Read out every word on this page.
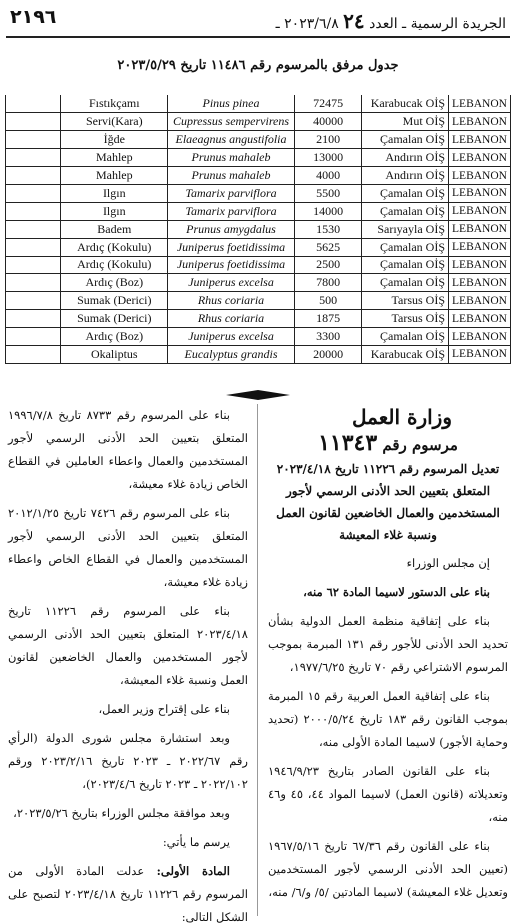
٢١٩٦	الجريدة الرسمية ـ العدد ٢٤ ٢٠٢٣/٦/٨ ـ
جدول مرفق بالمرسوم رقم ١١٤٨٦ تاريخ ٢٠٢٣/٥/٢٩
	Fıstıkçamı	Pinus pinea	72475	Karabucak OİŞ	LEBANON
	Servi(Kara)	Cupressus sempervirens	40000	Mut OİŞ	LEBANON
	İğde	Elaeagnus angustifolia	2100	Çamalan OİŞ	LEBANON
	Mahlep	Prunus mahaleb	13000	Andırın OİŞ	LEBANON
	Mahlep	Prunus mahaleb	4000	Andırın OİŞ	LEBANON
	Ilgın	Tamarix parviflora	5500	Çamalan OİŞ	LEBANON
	Ilgın	Tamarix parviflora	14000	Çamalan OİŞ	LEBANON
	Badem	Prunus amygdalus	1530	Sarıyayla OİŞ	LEBANON
	Ardıç (Kokulu)	Juniperus foetidissima	5625	Çamalan OİŞ	LEBANON
	Ardıç (Kokulu)	Juniperus foetidissima	2500	Çamalan OİŞ	LEBANON
	Ardıç (Boz)	Juniperus excelsa	7800	Çamalan OİŞ	LEBANON
	Sumak (Derici)	Rhus coriaria	500	Tarsus OİŞ	LEBANON
	Sumak (Derici)	Rhus coriaria	1875	Tarsus OİŞ	LEBANON
	Ardıç (Boz)	Juniperus excelsa	3300	Çamalan OİŞ	LEBANON
	Okaliptus	Eucalyptus grandis	20000	Karabucak OİŞ	LEBANON
وزارة العمل
مرسوم رقم ١١٣٤٣
تعديل المرسوم رقم ١١٢٢٦ تاريخ ٢٠٢٣/٤/١٨ المتعلق بتعيين الحد الأدنى الرسمي لأجور المستخدمين والعمال الخاضعين لقانون العمل ونسبة غلاء المعيشة
إن مجلس الوزراء
بناء على الدستور لاسيما المادة ٦٢ منه،
بناء على إتفاقية منظمة العمل الدولية بشأن تحديد الحد الأدنى للأجور رقم ١٣١ المبرمة بموجب المرسوم الاشتراعي رقم ٧٠ تاريخ ١٩٧٧/٦/٢٥،
بناء على إتفاقية العمل العربية رقم ١٥ المبرمة بموجب القانون رقم ١٨٣ تاريخ ٢٠٠٠/٥/٢٤ (تحديد وحماية الأجور) لاسيما المادة الأولى منه،
بناء على القانون الصادر بتاريخ ١٩٤٦/٩/٢٣ وتعديلاته (قانون العمل) لاسيما المواد ٤٤، ٤٥ و٤٦ منه،
بناء على القانون رقم ٦٧/٣٦ تاريخ ١٩٦٧/٥/١٦ (تعيين الحد الأدنى الرسمي لأجور المستخدمين وتعديل غلاء المعيشة) لاسيما المادتين /٥/ و/٦/ منه،
بناء على المرسوم رقم ٨٧٣٣ تاريخ ١٩٩٦/٧/٨ المتعلق بتعيين الحد الأدنى الرسمي لأجور المستخدمين والعمال واعطاء العاملين في القطاع الخاص زيادة غلاء معيشة،
بناء على المرسوم رقم ٧٤٢٦ تاريخ ٢٠١٢/١/٢٥ المتعلق بتعيين الحد الأدنى الرسمي لأجور المستخدمين والعمال في القطاع الخاص واعطاء زيادة غلاء معيشة،
بناء على المرسوم رقم ١١٢٢٦ تاريخ ٢٠٢٣/٤/١٨ المتعلق بتعيين الحد الأدنى الرسمي لأجور المستخدمين والعمال الخاضعين لقانون العمل ونسبة غلاء المعيشة،
بناء على إقتراح وزير العمل،
وبعد استشارة مجلس شورى الدولة (الرأي رقم ٢٠٢٢/٦٧ ـ ٢٠٢٣ تاريخ ٢٠٢٣/٢/١٦ ورقم ٢٠٢٢/١٠٢ ـ ٢٠٢٣ تاريخ ٢٠٢٣/٤/٦)،
وبعد موافقة مجلس الوزراء بتاريخ ٢٠٢٣/٥/٢٦،
يرسم ما يأتي:
المادة الأولى: عدلت المادة الأولى من المرسوم رقم ١١٢٢٦ تاريخ ٢٠٢٣/٤/١٨ لتصبح على الشكل التالي:
